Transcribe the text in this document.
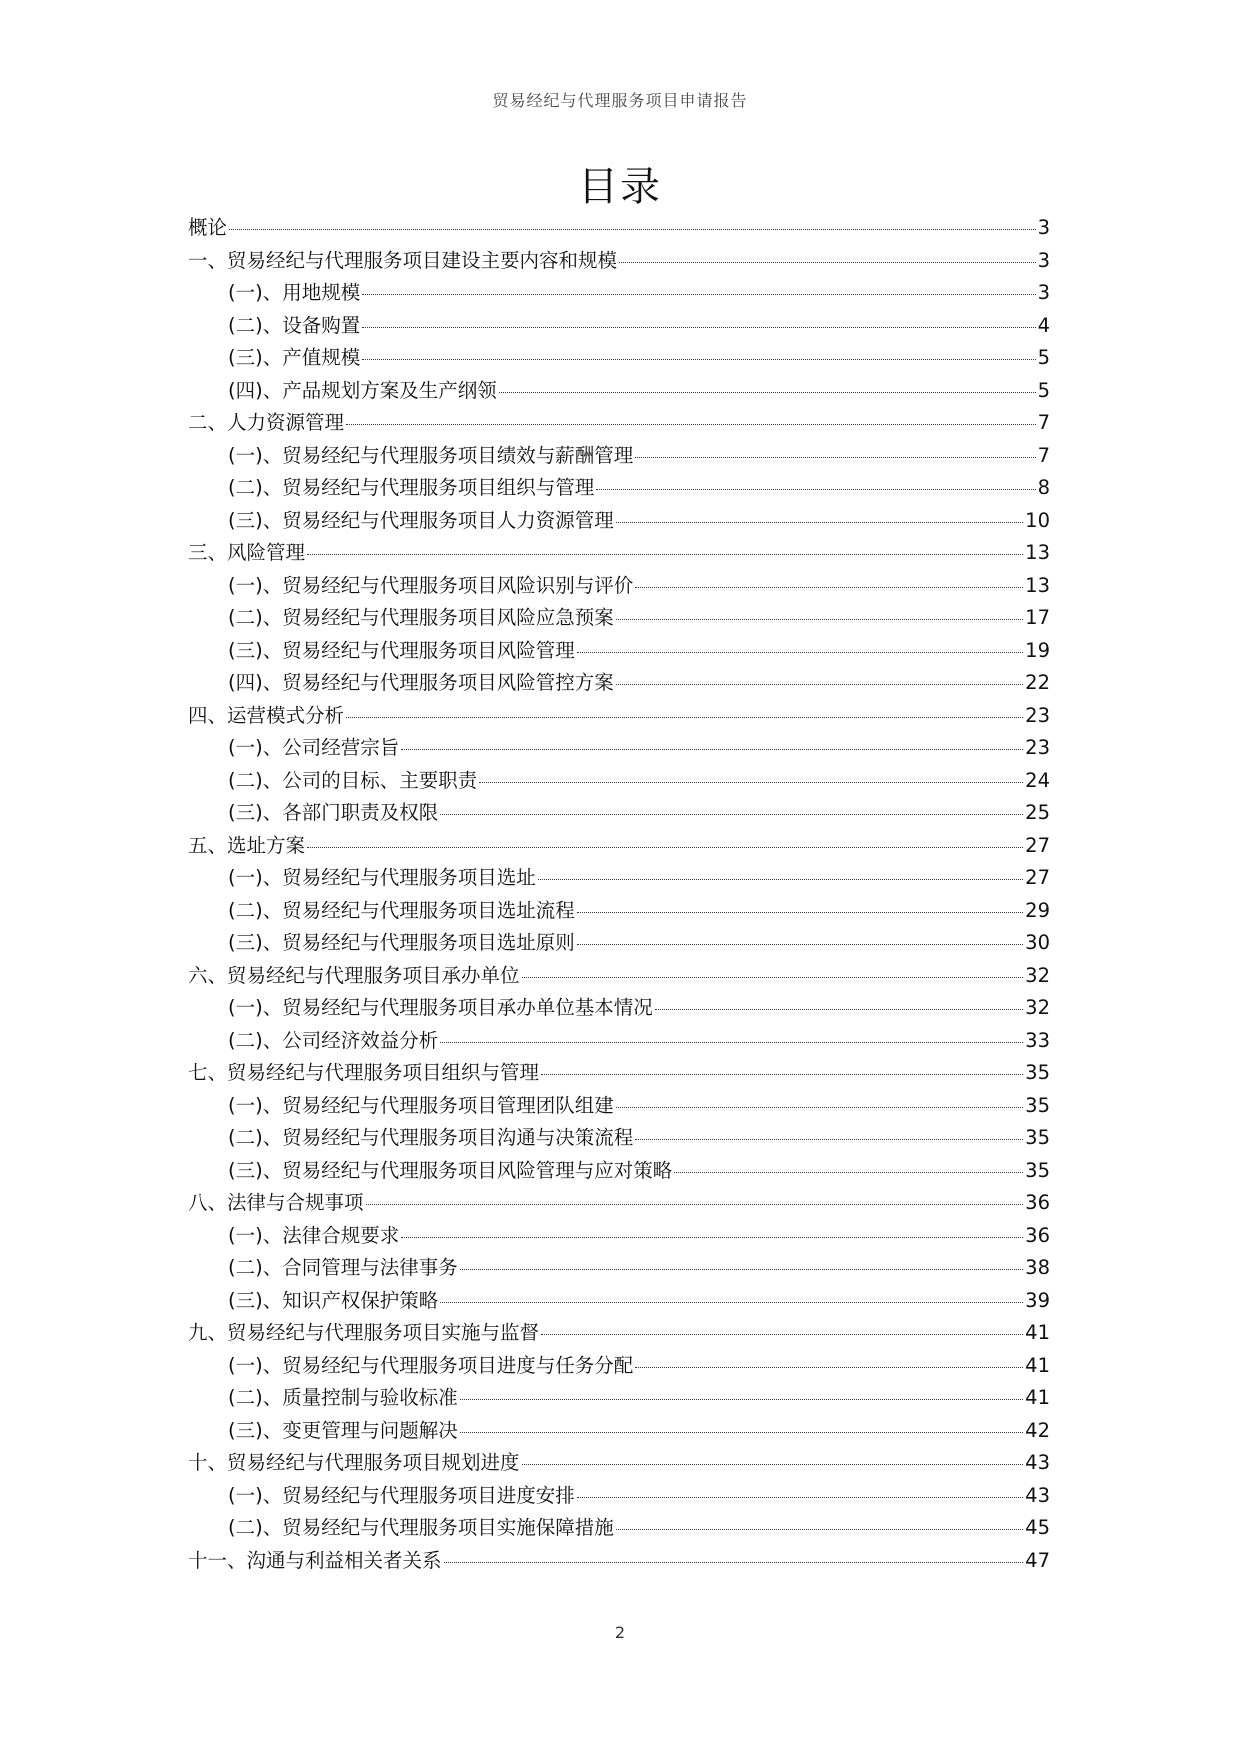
贸易经纪与代理服务项目申请报告
目录
概论	3
一、贸易经纪与代理服务项目建设主要内容和规模	3
(一)、用地规模	3
(二)、设备购置	4
(三)、产值规模	5
(四)、产品规划方案及生产纲领	5
二、人力资源管理	7
(一)、贸易经纪与代理服务项目绩效与薪酬管理	7
(二)、贸易经纪与代理服务项目组织与管理	8
(三)、贸易经纪与代理服务项目人力资源管理	10
三、风险管理	13
(一)、贸易经纪与代理服务项目风险识别与评价	13
(二)、贸易经纪与代理服务项目风险应急预案	17
(三)、贸易经纪与代理服务项目风险管理	19
(四)、贸易经纪与代理服务项目风险管控方案	22
四、运营模式分析	23
(一)、公司经营宗旨	23
(二)、公司的目标、主要职责	24
(三)、各部门职责及权限	25
五、选址方案	27
(一)、贸易经纪与代理服务项目选址	27
(二)、贸易经纪与代理服务项目选址流程	29
(三)、贸易经纪与代理服务项目选址原则	30
六、贸易经纪与代理服务项目承办单位	32
(一)、贸易经纪与代理服务项目承办单位基本情况	32
(二)、公司经济效益分析	33
七、贸易经纪与代理服务项目组织与管理	35
(一)、贸易经纪与代理服务项目管理团队组建	35
(二)、贸易经纪与代理服务项目沟通与决策流程	35
(三)、贸易经纪与代理服务项目风险管理与应对策略	35
八、法律与合规事项	36
(一)、法律合规要求	36
(二)、合同管理与法律事务	38
(三)、知识产权保护策略	39
九、贸易经纪与代理服务项目实施与监督	41
(一)、贸易经纪与代理服务项目进度与任务分配	41
(二)、质量控制与验收标准	41
(三)、变更管理与问题解决	42
十、贸易经纪与代理服务项目规划进度	43
(一)、贸易经纪与代理服务项目进度安排	43
(二)、贸易经纪与代理服务项目实施保障措施	45
十一、沟通与利益相关者关系	47
2
